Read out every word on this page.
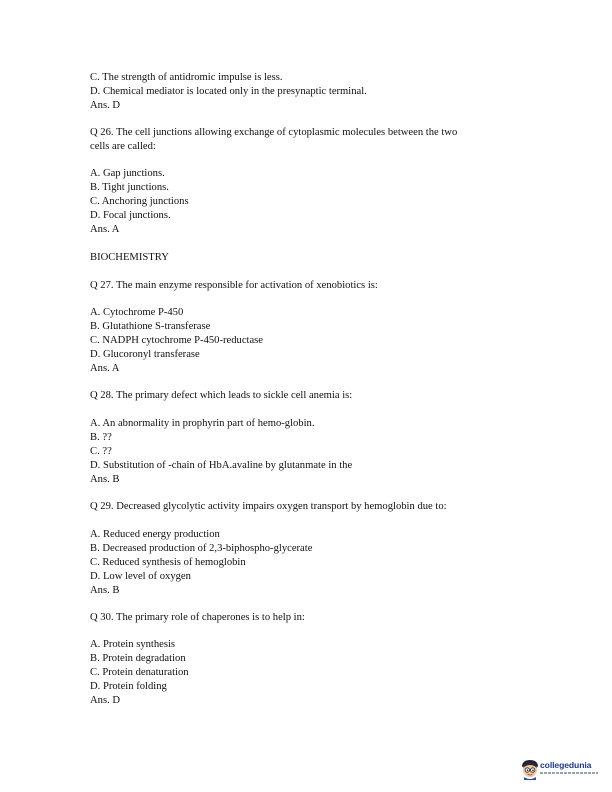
C. The strength of antidromic impulse is less.

D. Chemical mediator is located only in the presynaptic terminal.

Ans. D

Q 26. The cell junctions allowing exchange of cytoplasmic molecules between the two

cells are called:

A. Gap junctions.

B. Tight junctions.

C. Anchoring junctions

D. Focal junctions.

Ans. A

BIOCHEMISTRY

Q 27. The main enzyme responsible for activation of xenobiotics is:

A. Cytochrome P-450

B. Glutathione S-transferase

C. NADPH cytochrome P-450-reductase

D. Glucoronyl transferase

Ans. A

Q 28. The primary defect which leads to sickle cell anemia is:

A. An abnormality in prophyrin part of hemo-globin.

B. ??

C. ??

D. Substitution of -chain of HbA.avaline by glutanmate in the

Ans. B

Q 29. Decreased glycolytic activity impairs oxygen transport by hemoglobin due to:

A. Reduced energy production

B. Decreased production of 2,3-biphospho-glycerate

C. Reduced synthesis of hemoglobin

D. Low level of oxygen

Ans. B

Q 30. The primary role of chaperones is to help in:

A. Protein synthesis

B. Protein degradation

C. Protein denaturation

D. Protein folding

Ans. D

collegedunia
